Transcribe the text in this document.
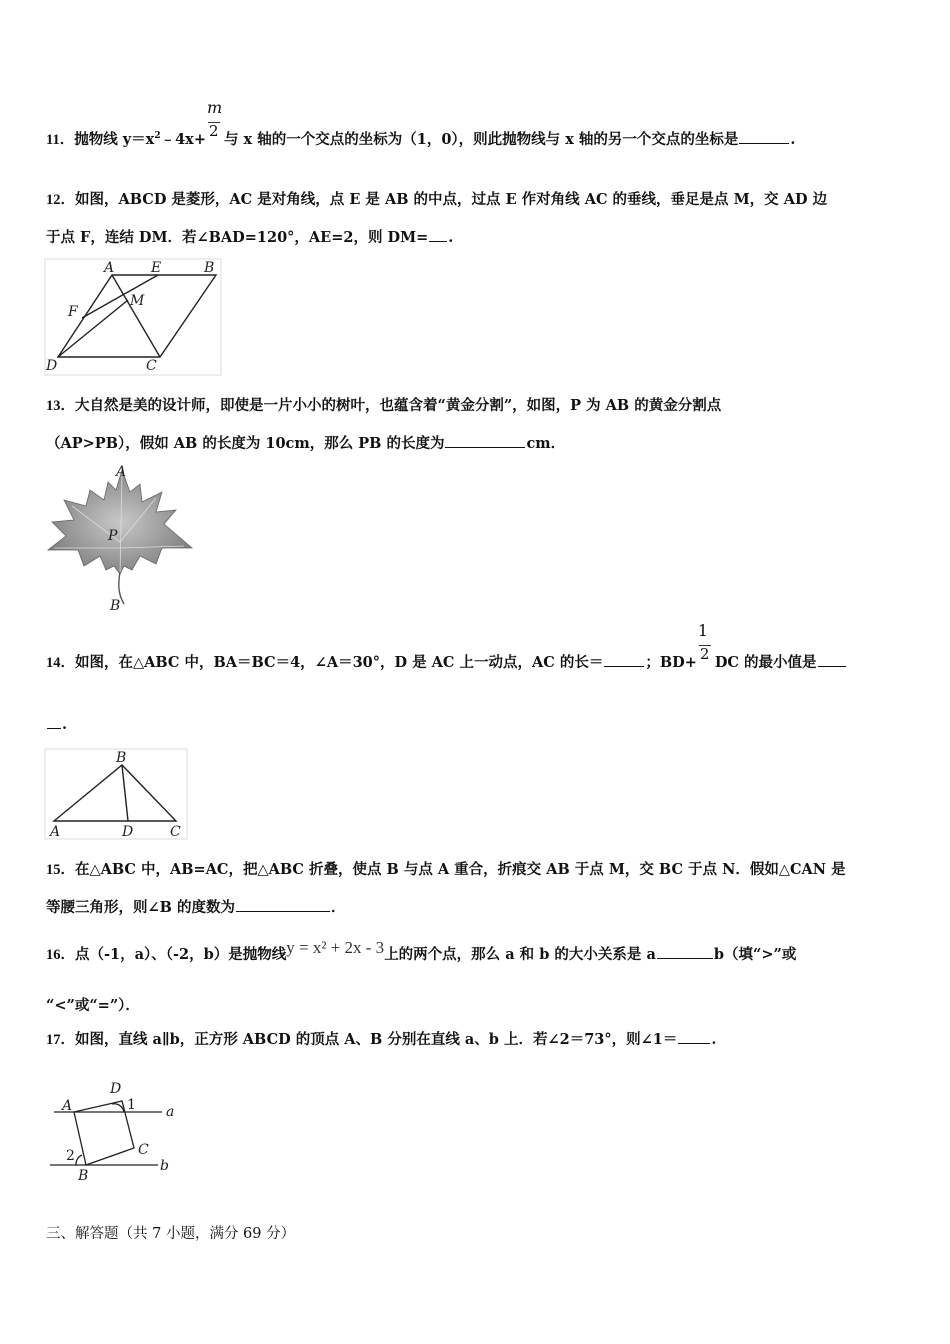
11．抛物线 $y=x^2﹣4x+ \frac{m}{2}$ 与 x 轴的一个交点的坐标为（1，0），则此抛物线与 x 轴的另一个交点的坐标是	.
12．如图，ABCD 是菱形，AC 是对角线，点 E 是 AB 的中点，过点 E 作对角线 AC 的垂线，垂足是点 M，交 AD 边
于点 F，连结 DM．若∠BAD=120°，AE=2，则 DM= .
A	E	B
F
M
D	C
13．大自然是美的设计师，即使是一片小小的树叶，也蕴含着“黄金分割”，如图，P 为 AB 的黄金分割点
（AP>PB），假如 AB 的长度为 10cm，那么 PB 的长度为	cm．
A
P
B
14．如图，在△ABC 中，BA＝BC＝4，∠A＝30°，D 是 AC 上一动点，AC 的长＝	；$BD+ \frac{1}{2}$ DC 的最小值是
.
B
A	D	C
15．在△ABC 中，AB=AC，把△ABC 折叠，使点 B 与点 A 重合，折痕交 AB 于点 M，交 BC 于点 N．假如△CAN 是
等腰三角形，则∠B 的度数为	．
16．点（-1，a）、（-2，b）是抛物线y = x² + 2x - 3上的两个点，那么 a 和 b 的大小关系是 a	b（填“>”或
“<”或“=”）．
17．如图，直线 a∥b，正方形 ABCD 的顶点 A、B 分别在直线 a、b 上．若∠2＝73°，则∠1＝ .
D
A	1 a
C
2
b
B
三、解答题（共 7 小题，满分 69 分）
